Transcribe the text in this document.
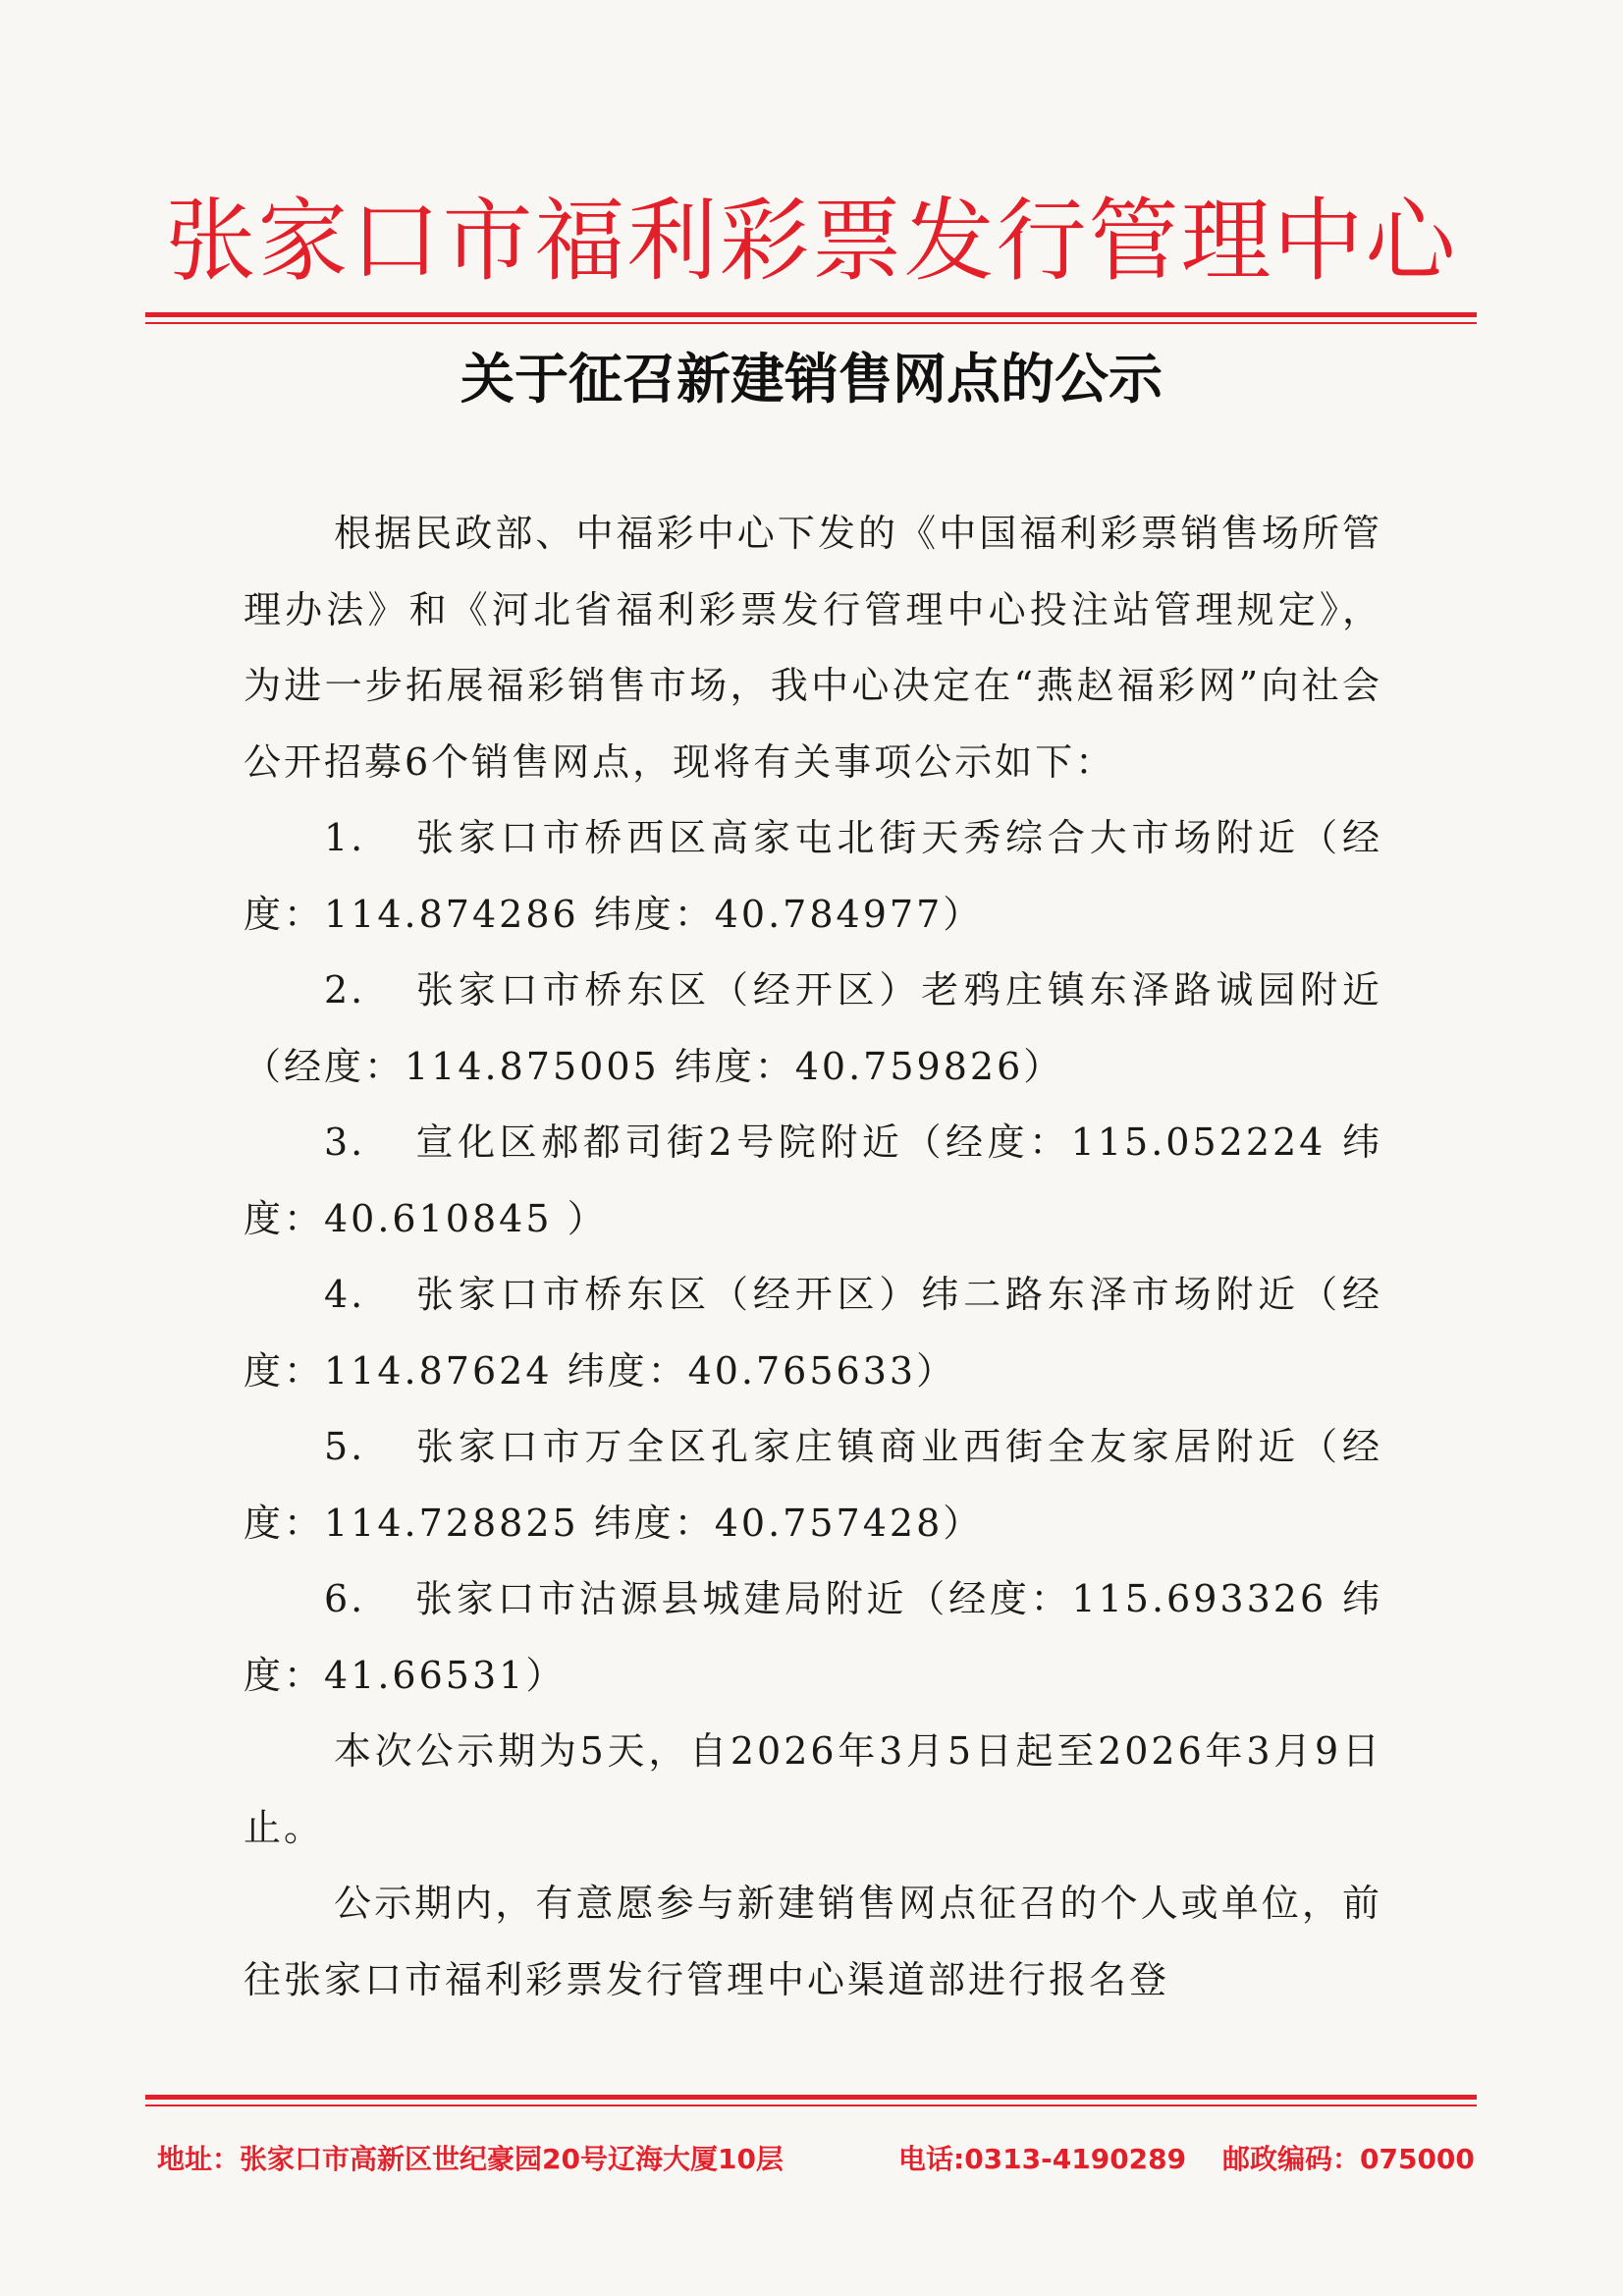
张家口市福利彩票发行管理中心
关于征召新建销售网点的公示

根据民政部、中福彩中心下发的《中国福利彩票销售场所管理办法》和《河北省福利彩票发行管理中心投注站管理规定》，为进一步拓展福彩销售市场，我中心决定在“燕赵福彩网”向社会公开招募6个销售网点，现将有关事项公示如下：

1. 张家口市桥西区高家屯北街天秀综合大市场附近（经度：114.874286 纬度：40.784977）

2. 张家口市桥东区（经开区）老鸦庄镇东泽路诚园附近（经度：114.875005 纬度：40.759826）

3. 宣化区郝都司街2号院附近（经度：115.052224 纬度：40.610845 ）

4. 张家口市桥东区（经开区）纬二路东泽市场附近（经度：114.87624 纬度：40.765633）

5. 张家口市万全区孔家庄镇商业西街全友家居附近（经度：114.728825 纬度：40.757428）

6. 张家口市沽源县城建局附近（经度：115.693326 纬度：41.66531）

本次公示期为5天，自2026年3月5日起至2026年3月9日止。

公示期内，有意愿参与新建销售网点征召的个人或单位，前往张家口市福利彩票发行管理中心渠道部进行报名登

地址：张家口市高新区世纪豪园20号辽海大厦10层	电话:0313-4190289 邮政编码：075000
